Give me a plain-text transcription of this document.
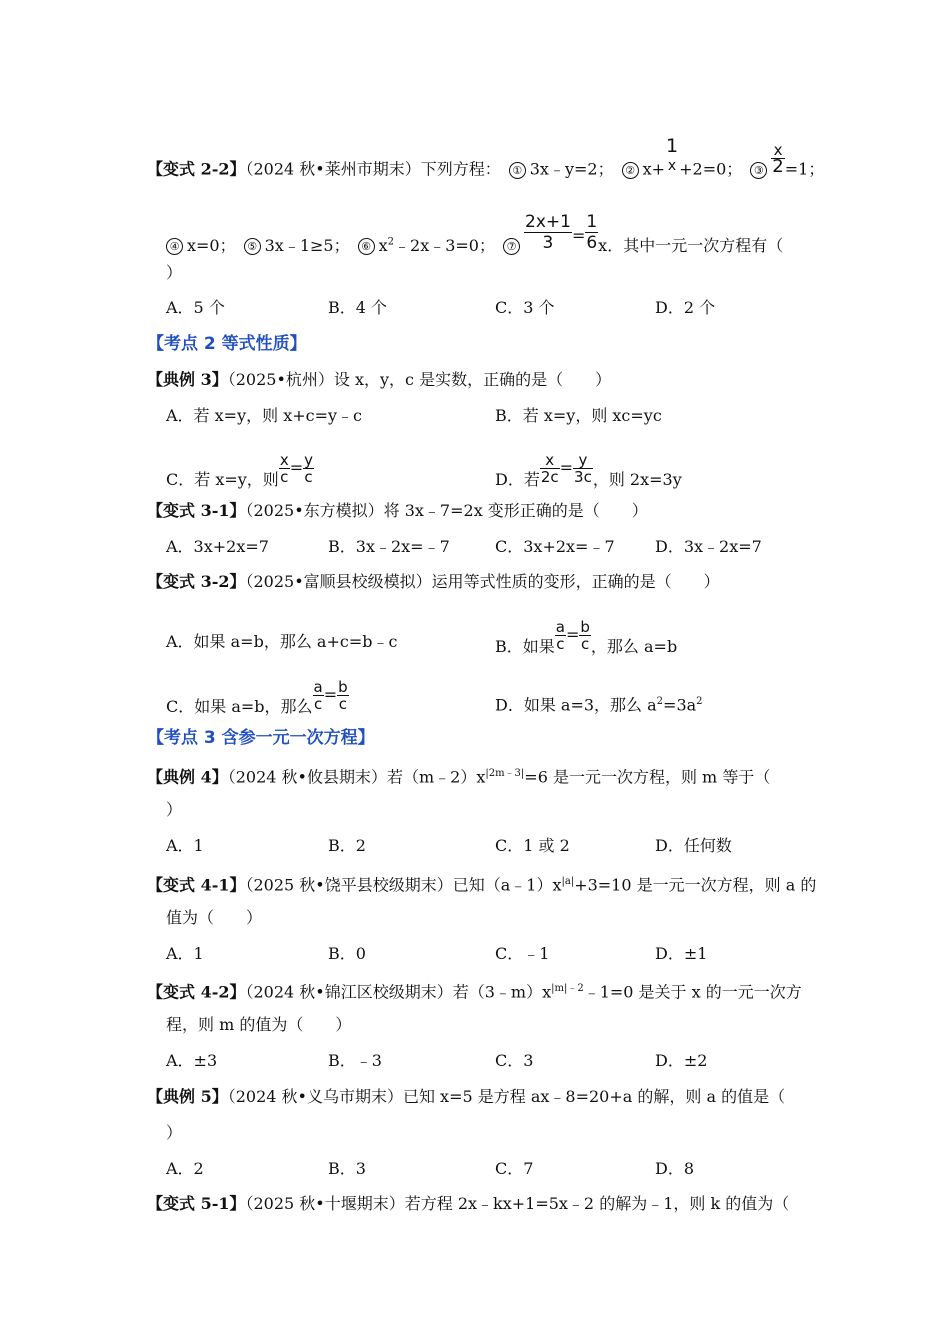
【变式 2-2】（2024 秋•莱州市期末）下列方程： ① 3x﹣y=2； ② x+
1
x +2=0； ③ $\frac{x}{2} =1$；
④ x=0； ⑤ 3x﹣1≥5； ⑥ $x^2﹣2x﹣3=0$； ⑦ $\frac{2x+1}{3} = \frac{1}{6}$ x．其中一元一次方程有（
）
A．5 个	B．4 个	C．3 个	D．2 个
【考点 2 等式性质】
【典例 3】（2025•杭州）设 x，y，c 是实数，正确的是（　　）
A．若 x=y，则 x+c=y﹣c	B．若 x=y，则 xc=yc
C．若 x=y，则 $\frac{x}{c} = \frac{y}{c}$	D．若 $\frac{x}{2c} = \frac{y}{3c}$ ，则 2x=3y
【变式 3-1】（2025•东方模拟）将 3x﹣7=2x 变形正确的是（　　）
A．3x+2x=7	B．3x﹣2x=﹣7	C．3x+2x=﹣7	D．3x﹣2x=7
【变式 3-2】（2025•富顺县校级模拟）运用等式性质的变形，正确的是（　　）
A．如果 a=b，那么 a+c=b﹣c	B．如果 $\frac{a}{c} = \frac{b}{c}$ ，那么 a=b
C．如果 a=b，那么 $\frac{a}{c} = \frac{b}{c}$	D．如果 a=3，那么 $a^2=3a^2$
【考点 3 含参一元一次方程】
【典例 4】（2024 秋•攸县期末）若$(m﹣2)x^{|2m﹣3|}=6$ 是一元一次方程，则 m 等于（
）
A．1	B．2	C．1 或 2	D．任何数
【变式 4-1】（2025 秋•饶平县校级期末）已知$(a﹣1)x^{|a|}+3=10$ 是一元一次方程，则 a 的
值为（　　）
A．1	B．0	C．﹣1	D．±1
【变式 4-2】（2024 秋•锦江区校级期末）若$(3﹣m)x^{|m|﹣2}﹣1=0$ 是关于 x 的一元一次方
程，则 m 的值为（　　）
A．±3	B．﹣3	C．3	D．±2
【典例 5】（2024 秋•义乌市期末）已知 x=5 是方程 ax﹣8=20+a 的解，则 a 的值是（
）
A．2	B．3	C．7	D．8
【变式 5-1】（2025 秋•十堰期末）若方程 2x﹣kx+1=5x﹣2 的解为﹣1，则 k 的值为（
